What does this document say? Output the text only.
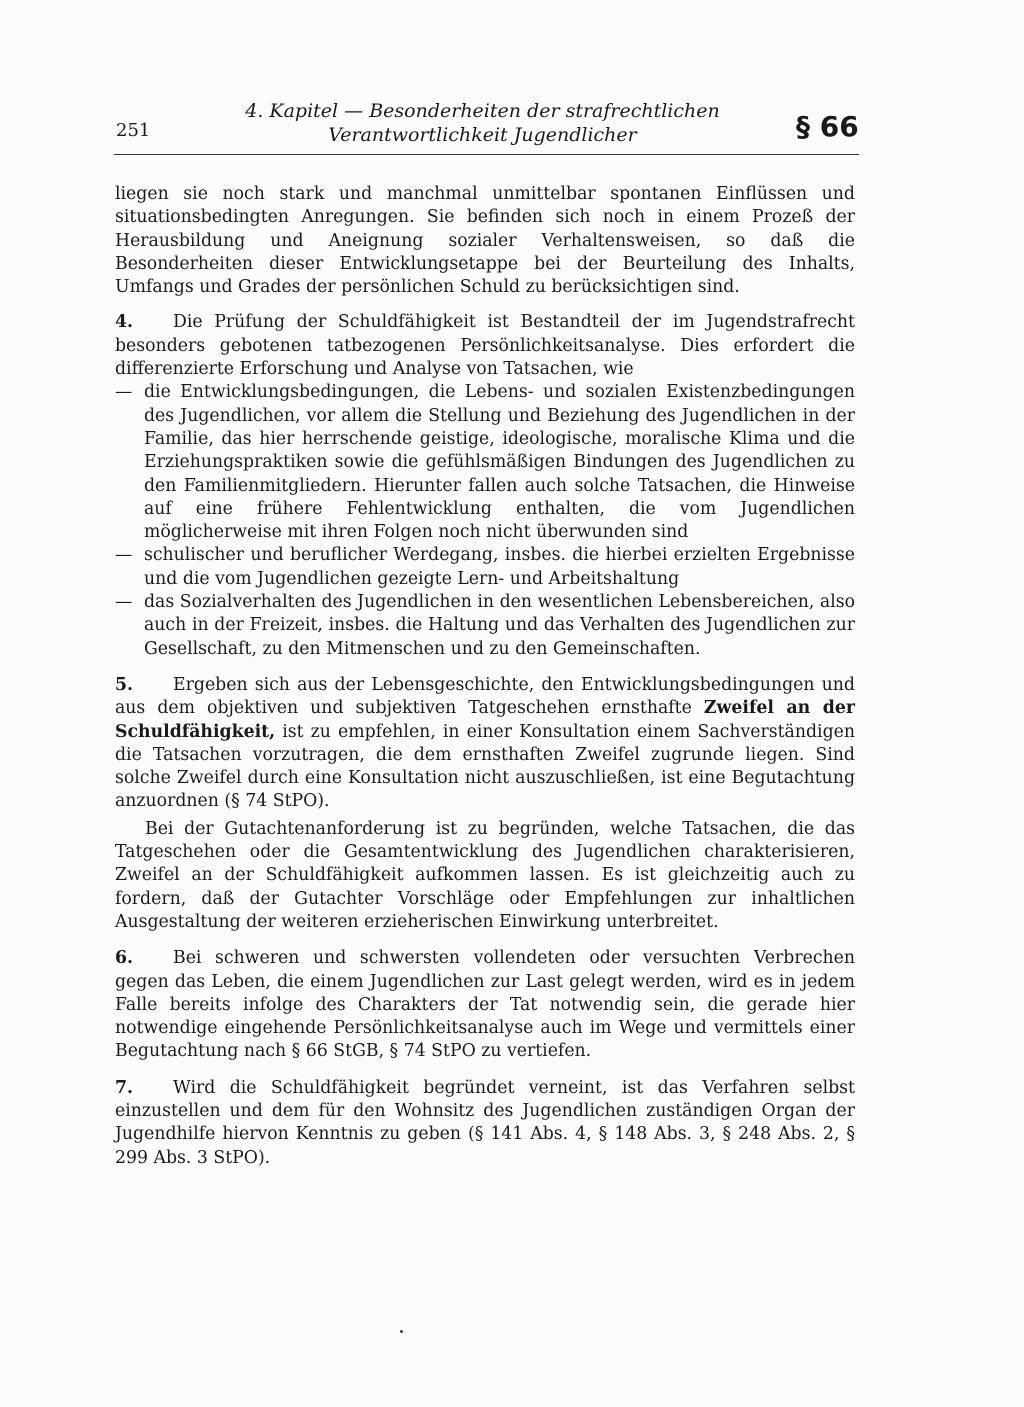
251
4. Kapitel — Besonderheiten der strafrechtlichen
Verantwortlichkeit Jugendlicher	§ 66

liegen sie noch stark und manchmal unmittelbar spontanen Einflüssen und situationsbedingten Anregungen. Sie befinden sich noch in einem Prozeß der Herausbildung und Aneignung sozialer Verhaltensweisen, so daß die Besonderheiten dieser Entwicklungsetappe bei der Beurteilung des Inhalts, Umfangs und Grades der persönlichen Schuld zu berücksichtigen sind.

4. Die Prüfung der Schuldfähigkeit ist Bestandteil der im Jugendstrafrecht besonders gebotenen tatbezogenen Persönlichkeitsanalyse. Dies erfordert die differenzierte Erforschung und Analyse von Tatsachen, wie
— die Entwicklungsbedingungen, die Lebens- und sozialen Existenzbedingungen des Jugendlichen, vor allem die Stellung und Beziehung des Jugendlichen in der Familie, das hier herrschende geistige, ideologische, moralische Klima und die Erziehungspraktiken sowie die gefühlsmäßigen Bindungen des Jugendlichen zu den Familienmitgliedern. Hierunter fallen auch solche Tatsachen, die Hinweise auf eine frühere Fehlentwicklung enthalten, die vom Jugendlichen möglicherweise mit ihren Folgen noch nicht überwunden sind
— schulischer und beruflicher Werdegang, insbes. die hierbei erzielten Ergebnisse und die vom Jugendlichen gezeigte Lern- und Arbeitshaltung
— das Sozialverhalten des Jugendlichen in den wesentlichen Lebensbereichen, also auch in der Freizeit, insbes. die Haltung und das Verhalten des Jugendlichen zur Gesellschaft, zu den Mitmenschen und zu den Gemeinschaften.
5. Ergeben sich aus der Lebensgeschichte, den Entwicklungsbedingungen und aus dem objektiven und subjektiven Tatgeschehen ernsthafte Zweifel an der Schuldfähigkeit, ist zu empfehlen, in einer Konsultation einem Sachverständigen die Tatsachen vorzutragen, die dem ernsthaften Zweifel zugrunde liegen. Sind solche Zweifel durch eine Konsultation nicht auszuschließen, ist eine Begutachtung anzuordnen (§ 74 StPO).

Bei der Gutachtenanforderung ist zu begründen, welche Tatsachen, die das Tatgeschehen oder die Gesamtentwicklung des Jugendlichen charakterisieren, Zweifel an der Schuldfähigkeit aufkommen lassen. Es ist gleichzeitig auch zu fordern, daß der Gutachter Vorschläge oder Empfehlungen zur inhaltlichen Ausgestaltung der weiteren erzieherischen Einwirkung unterbreitet.

6. Bei schweren und schwersten vollendeten oder versuchten Verbrechen gegen das Leben, die einem Jugendlichen zur Last gelegt werden, wird es in jedem Falle bereits infolge des Charakters der Tat notwendig sein, die gerade hier notwendige eingehende Persönlichkeitsanalyse auch im Wege und vermittels einer Begutachtung nach § 66 StGB, § 74 StPO zu vertiefen.
7. Wird die Schuldfähigkeit begründet verneint, ist das Verfahren selbst einzustellen und dem für den Wohnsitz des Jugendlichen zuständigen Organ der Jugendhilfe hiervon Kenntnis zu geben (§ 141 Abs. 4, § 148 Abs. 3, § 248 Abs. 2, § 299 Abs. 3 StPO).
